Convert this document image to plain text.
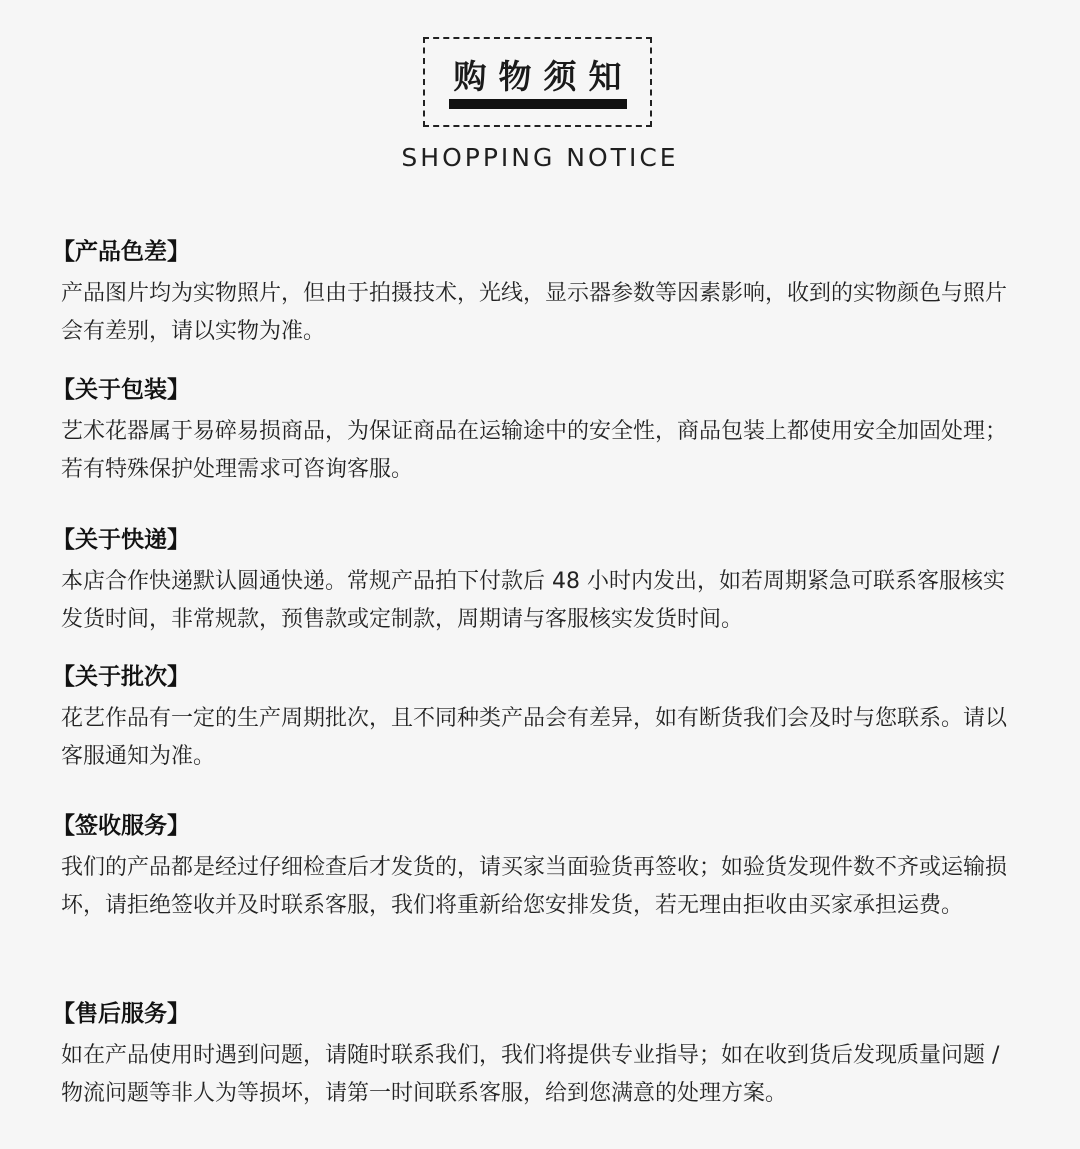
购物须知
SHOPPING NOTICE
【产品色差】
产品图片均为实物照片，但由于拍摄技术，光线，显示器参数等因素影响，收到的实物颜色与照片会有差别，请以实物为准。
【关于包装】
艺术花器属于易碎易损商品，为保证商品在运输途中的安全性，商品包装上都使用安全加固处理；若有特殊保护处理需求可咨询客服。
【关于快递】
本店合作快递默认圆通快递。常规产品拍下付款后 48 小时内发出，如若周期紧急可联系客服核实发货时间，非常规款，预售款或定制款，周期请与客服核实发货时间。
【关于批次】
花艺作品有一定的生产周期批次，且不同种类产品会有差异，如有断货我们会及时与您联系。请以客服通知为准。
【签收服务】
我们的产品都是经过仔细检查后才发货的，请买家当面验货再签收；如验货发现件数不齐或运输损坏，请拒绝签收并及时联系客服，我们将重新给您安排发货，若无理由拒收由买家承担运费。
【售后服务】
如在产品使用时遇到问题，请随时联系我们，我们将提供专业指导；如在收到货后发现质量问题 / 物流问题等非人为等损坏，请第一时间联系客服，给到您满意的处理方案。
